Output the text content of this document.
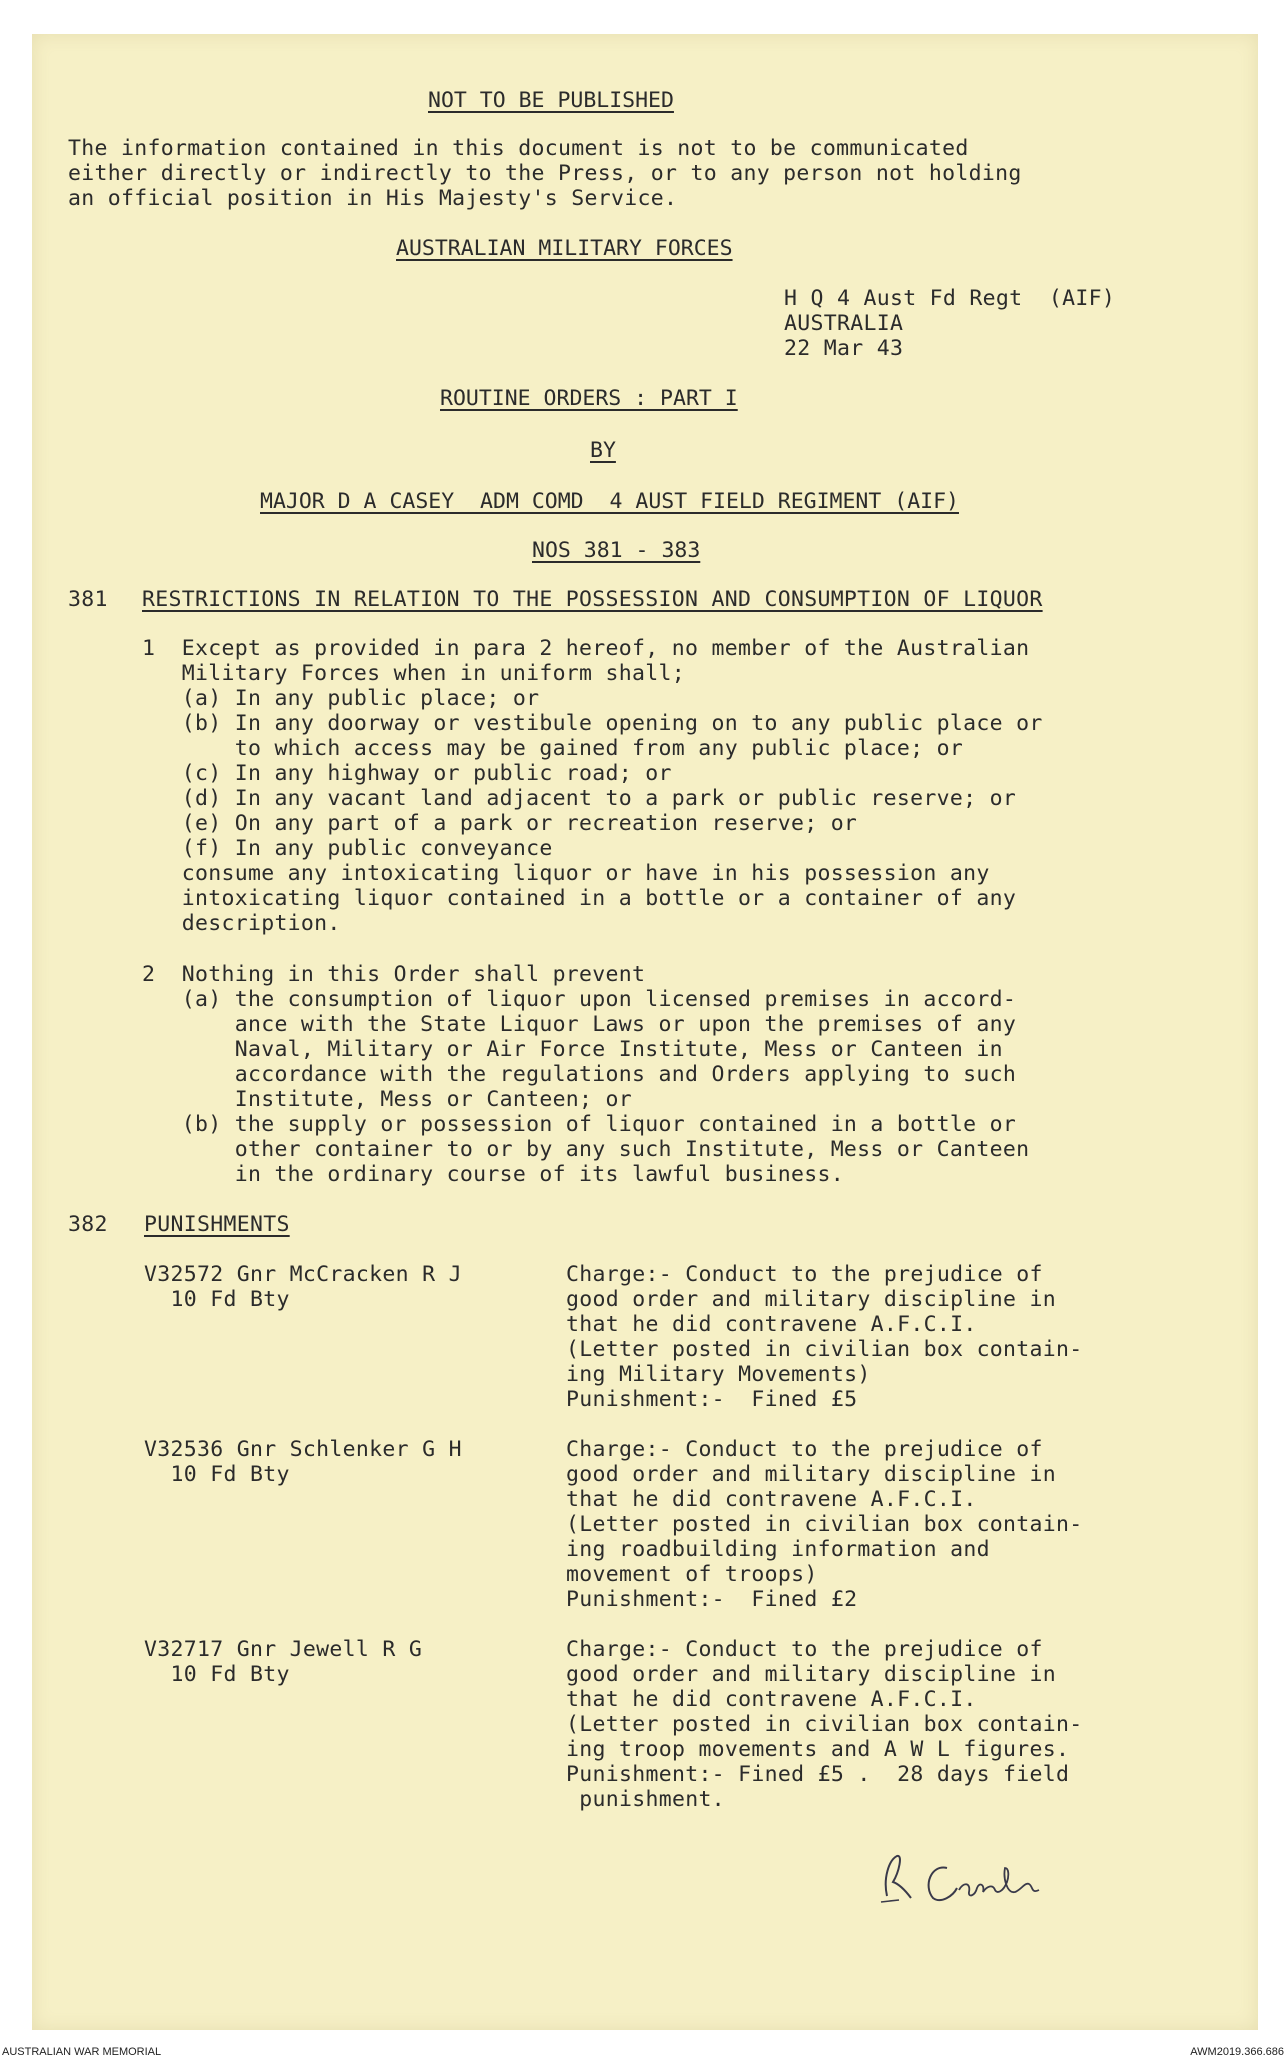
NOT TO BE PUBLISHED
The information contained in this document is not to be communicated
either directly or indirectly to the Press, or to any person not holding
an official position in His Majesty's Service.
AUSTRALIAN MILITARY FORCES
H Q 4 Aust Fd Regt  (AIF)
AUSTRALIA
22 Mar 43
ROUTINE ORDERS : PART I
BY
MAJOR D A CASEY  ADM COMD  4 AUST FIELD REGIMENT (AIF)
NOS 381 - 383
381 RESTRICTIONS IN RELATION TO THE POSSESSION AND CONSUMPTION OF LIQUOR
1  Except as provided in para 2 hereof, no member of the Australian
Military Forces when in uniform shall;
(a) In any public place; or
(b) In any doorway or vestibule opening on to any public place or
to which access may be gained from any public place; or
(c) In any highway or public road; or
(d) In any vacant land adjacent to a park or public reserve; or
(e) On any part of a park or recreation reserve; or
(f) In any public conveyance
consume any intoxicating liquor or have in his possession any
intoxicating liquor contained in a bottle or a container of any
description.
2  Nothing in this Order shall prevent
(a) the consumption of liquor upon licensed premises in accord-
ance with the State Liquor Laws or upon the premises of any
Naval, Military or Air Force Institute, Mess or Canteen in
accordance with the regulations and Orders applying to such
Institute, Mess or Canteen; or
(b) the supply or possession of liquor contained in a bottle or
other container to or by any such Institute, Mess or Canteen
in the ordinary course of its lawful business.
382 PUNISHMENTS
V32572 Gnr McCracken R J
10 Fd Bty
Charge:- Conduct to the prejudice of
good order and military discipline in
that he did contravene A.F.C.I.
(Letter posted in civilian box contain-
ing Military Movements)
Punishment:-  Fined £5
V32536 Gnr Schlenker G H
10 Fd Bty
Charge:- Conduct to the prejudice of
good order and military discipline in
that he did contravene A.F.C.I.
(Letter posted in civilian box contain-
ing roadbuilding information and
movement of troops)
Punishment:-  Fined £2
V32717 Gnr Jewell R G
10 Fd Bty
Charge:- Conduct to the prejudice of
good order and military discipline in
that he did contravene A.F.C.I.
(Letter posted in civilian box contain-
ing troop movements and A W L figures.
Punishment:- Fined £5 .  28 days field
punishment.
AUSTRALIAN WAR MEMORIAL	AWM2019.366.686
